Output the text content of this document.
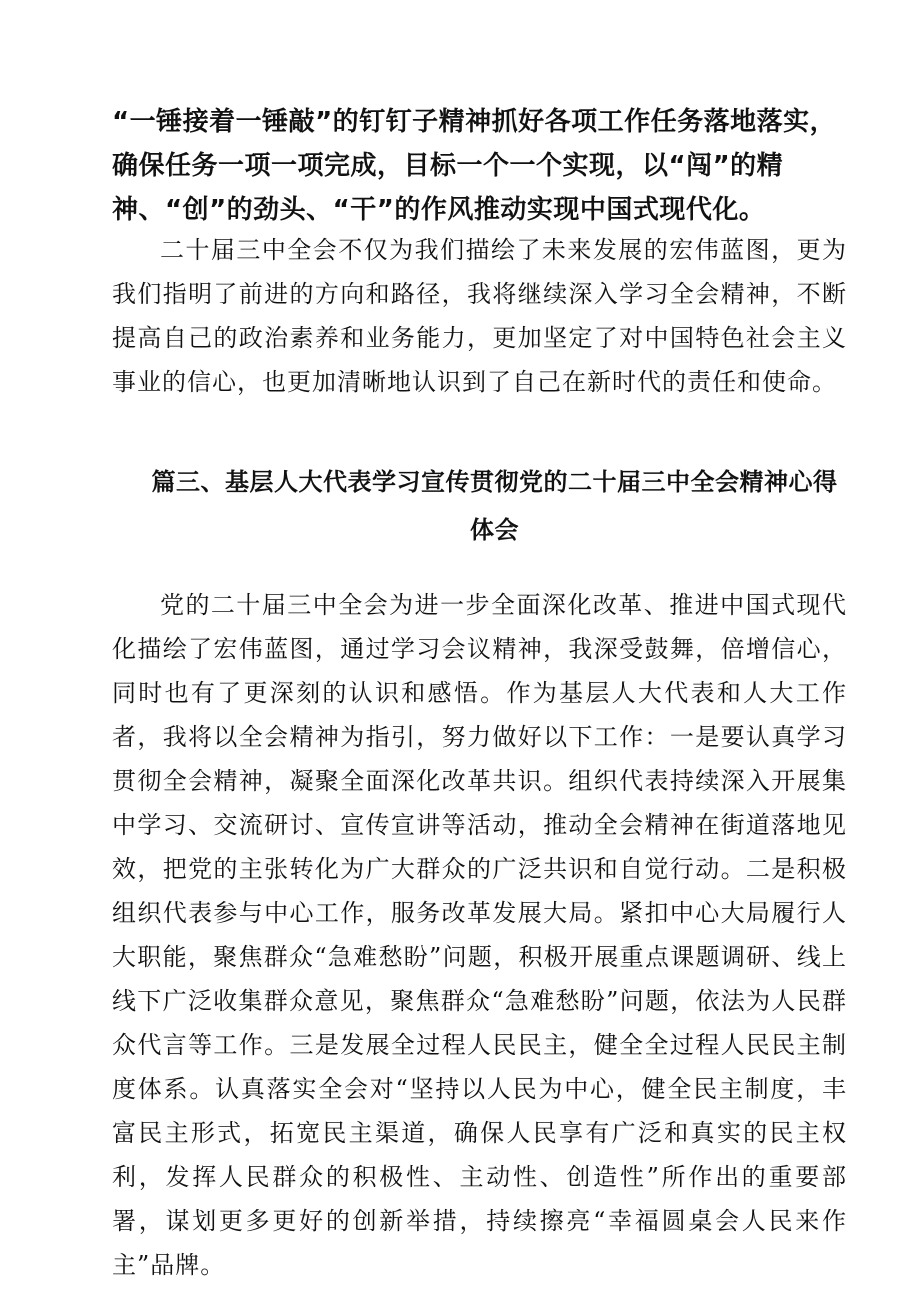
“一锤接着一锤敲”的钉钉子精神抓好各项工作任务落地落实，确保任务一项一项完成，目标一个一个实现，以“闯”的精神、“创”的劲头、“干”的作风推动实现中国式现代化。

二十届三中全会不仅为我们描绘了未来发展的宏伟蓝图，更为我们指明了前进的方向和路径，我将继续深入学习全会精神，不断提高自己的政治素养和业务能力，更加坚定了对中国特色社会主义事业的信心，也更加清晰地认识到了自己在新时代的责任和使命。

篇三、基层人大代表学习宣传贯彻党的二十届三中全会精神心得体会

党的二十届三中全会为进一步全面深化改革、推进中国式现代化描绘了宏伟蓝图，通过学习会议精神，我深受鼓舞，倍增信心，同时也有了更深刻的认识和感悟。作为基层人大代表和人大工作者，我将以全会精神为指引，努力做好以下工作：一是要认真学习贯彻全会精神，凝聚全面深化改革共识。组织代表持续深入开展集中学习、交流研讨、宣传宣讲等活动，推动全会精神在街道落地见效，把党的主张转化为广大群众的广泛共识和自觉行动。二是积极组织代表参与中心工作，服务改革发展大局。紧扣中心大局履行人大职能，聚焦群众“急难愁盼”问题，积极开展重点课题调研、线上线下广泛收集群众意见，聚焦群众“急难愁盼”问题，依法为人民群众代言等工作。三是发展全过程人民民主，健全全过程人民民主制度体系。认真落实全会对“坚持以人民为中心，健全民主制度，丰富民主形式，拓宽民主渠道，确保人民享有广泛和真实的民主权利，发挥人民群众的积极性、主动性、创造性”所作出的重要部署，谋划更多更好的创新举措，持续擦亮“幸福圆桌会人民来作主”品牌。
